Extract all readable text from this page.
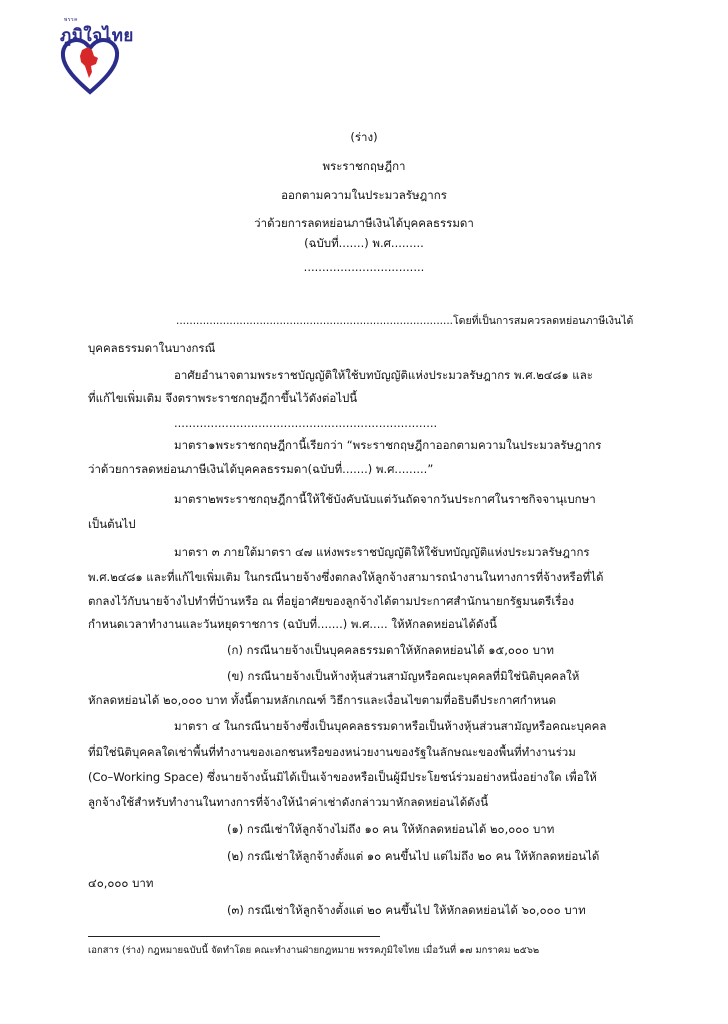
พรรค
ภูมิใจไทย
(ร่าง)
พระราชกฤษฎีกา
ออกตามความในประมวลรัษฎากร
ว่าด้วยการลดหย่อนภาษีเงินได้บุคคลธรรมดา
(ฉบับที่.......) พ.ศ.........
.................................
...................................................................................โดยที่เป็นการสมควรลดหย่อนภาษีเงินได้
บุคคลธรรมดาในบางกรณี
อาศัยอำนาจตามพระราชบัญญัติให้ใช้บทบัญญัติแห่งประมวลรัษฎากร พ.ศ.๒๔๘๑ และ
ที่แก้ไขเพิ่มเติม จึงตราพระราชกฤษฎีกาขึ้นไว้ดังต่อไปนี้
........................................................................
มาตรา๑พระราชกฤษฎีกานี้เรียกว่า “พระราชกฤษฎีกาออกตามความในประมวลรัษฎากร
ว่าด้วยการลดหย่อนภาษีเงินได้บุคคลธรรมดา(ฉบับที่.......) พ.ศ.........”
มาตรา๒พระราชกฤษฎีกานี้ให้ใช้บังคับนับแต่วันถัดจากวันประกาศในราชกิจจานุเบกษา
เป็นต้นไป
มาตรา ๓ ภายใต้มาตรา ๔๗ แห่งพระราชบัญญัติให้ใช้บทบัญญัติแห่งประมวลรัษฎากร
พ.ศ.๒๔๘๑ และที่แก้ไขเพิ่มเติม ในกรณีนายจ้างซึ่งตกลงให้ลูกจ้างสามารถนำงานในทางการที่จ้างหรือที่ได้
ตกลงไว้กับนายจ้างไปทำที่บ้านหรือ ณ ที่อยู่อาศัยของลูกจ้างได้ตามประกาศสำนักนายกรัฐมนตรีเรื่อง
กำหนดเวลาทำงานและวันหยุดราชการ (ฉบับที่.......) พ.ศ..... ให้หักลดหย่อนได้ดังนี้
(ก) กรณีนายจ้างเป็นบุคคลธรรมดาให้หักลดหย่อนได้ ๑๕,๐๐๐ บาท
(ข) กรณีนายจ้างเป็นห้างหุ้นส่วนสามัญหรือคณะบุคคลที่มิใช่นิติบุคคลให้
หักลดหย่อนได้ ๒๐,๐๐๐ บาท ทั้งนี้ตามหลักเกณฑ์ วิธีการและเงื่อนไขตามที่อธิบดีประกาศกำหนด
มาตรา ๔ ในกรณีนายจ้างซึ่งเป็นบุคคลธรรมดาหรือเป็นห้างหุ้นส่วนสามัญหรือคณะบุคคล
ที่มิใช่นิติบุคคลใดเช่าพื้นที่ทำงานของเอกชนหรือของหน่วยงานของรัฐในลักษณะของพื้นที่ทำงานร่วม
(Co–Working Space) ซึ่งนายจ้างนั้นมิได้เป็นเจ้าของหรือเป็นผู้มีประโยชน์ร่วมอย่างหนึ่งอย่างใด เพื่อให้
ลูกจ้างใช้สำหรับทำงานในทางการที่จ้างให้นำค่าเช่าดังกล่าวมาหักลดหย่อนได้ดังนี้
(๑) กรณีเช่าให้ลูกจ้างไม่ถึง ๑๐ คน ให้หักลดหย่อนได้ ๒๐,๐๐๐ บาท
(๒) กรณีเช่าให้ลูกจ้างตั้งแต่ ๑๐ คนขึ้นไป แต่ไม่ถึง ๒๐ คน ให้หักลดหย่อนได้
๔๐,๐๐๐ บาท
(๓) กรณีเช่าให้ลูกจ้างตั้งแต่ ๒๐ คนขึ้นไป ให้หักลดหย่อนได้ ๖๐,๐๐๐ บาท
เอกสาร (ร่าง) กฎหมายฉบับนี้ จัดทำโดย คณะทำงานฝ่ายกฎหมาย พรรคภูมิใจไทย เมื่อวันที่ ๑๗ มกราคม ๒๕๖๒
